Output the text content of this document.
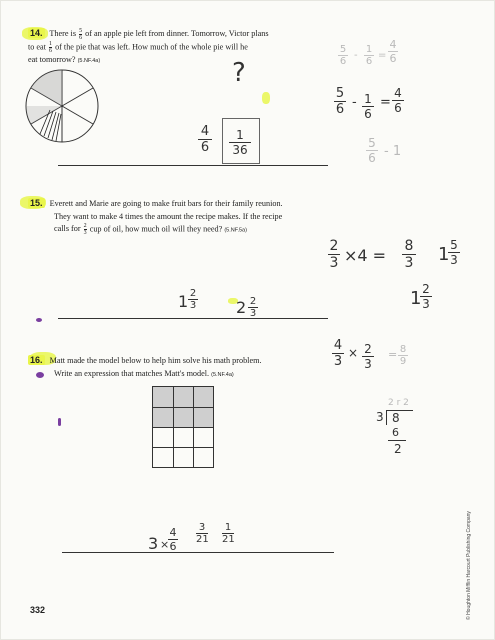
14. There is $\frac{5}{6}$ of an apple pie left from dinner. Tomorrow, Victor plans
to eat $\frac{1}{6}$ of the pie that was left. How much of the whole pie will he
eat tomorrow? (5.NF.4a)	?
$\frac{4}{6} \frac{1}{36}$
$\frac{5}{6} - \frac{1}{6} = \frac{4}{6}$
$\frac{5}{6} - \frac{1}{6} = \frac{4}{6}$
$\frac{5}{6} - 1$
15. Everett and Marie are going to make fruit bars for their family reunion.
They want to make 4 times the amount the recipe makes. If the recipe
calls for $\frac{2}{3}$ cup of oil, how much oil will they need? (5.NF.5a)
$\frac{2}{3} \times 4 = \frac{8}{3} 1$
$\frac{5}{3}$
1
$\frac{2}{3}$
$1 \frac{2}{3} 2 \frac{2}{3}$
16. Matt made the model below to help him solve his math problem.
Write an expression that matches Matt's model. (5.NF.4a)
$\frac{4}{3} \times \frac{2}{3} = \frac{8}{9}$
2 r 2
3 8
6
2
3 ×
$\frac{4}{6} \frac{3}{21} \frac{1}{21}$
332	© Houghton Mifflin Harcourt Publishing Company
